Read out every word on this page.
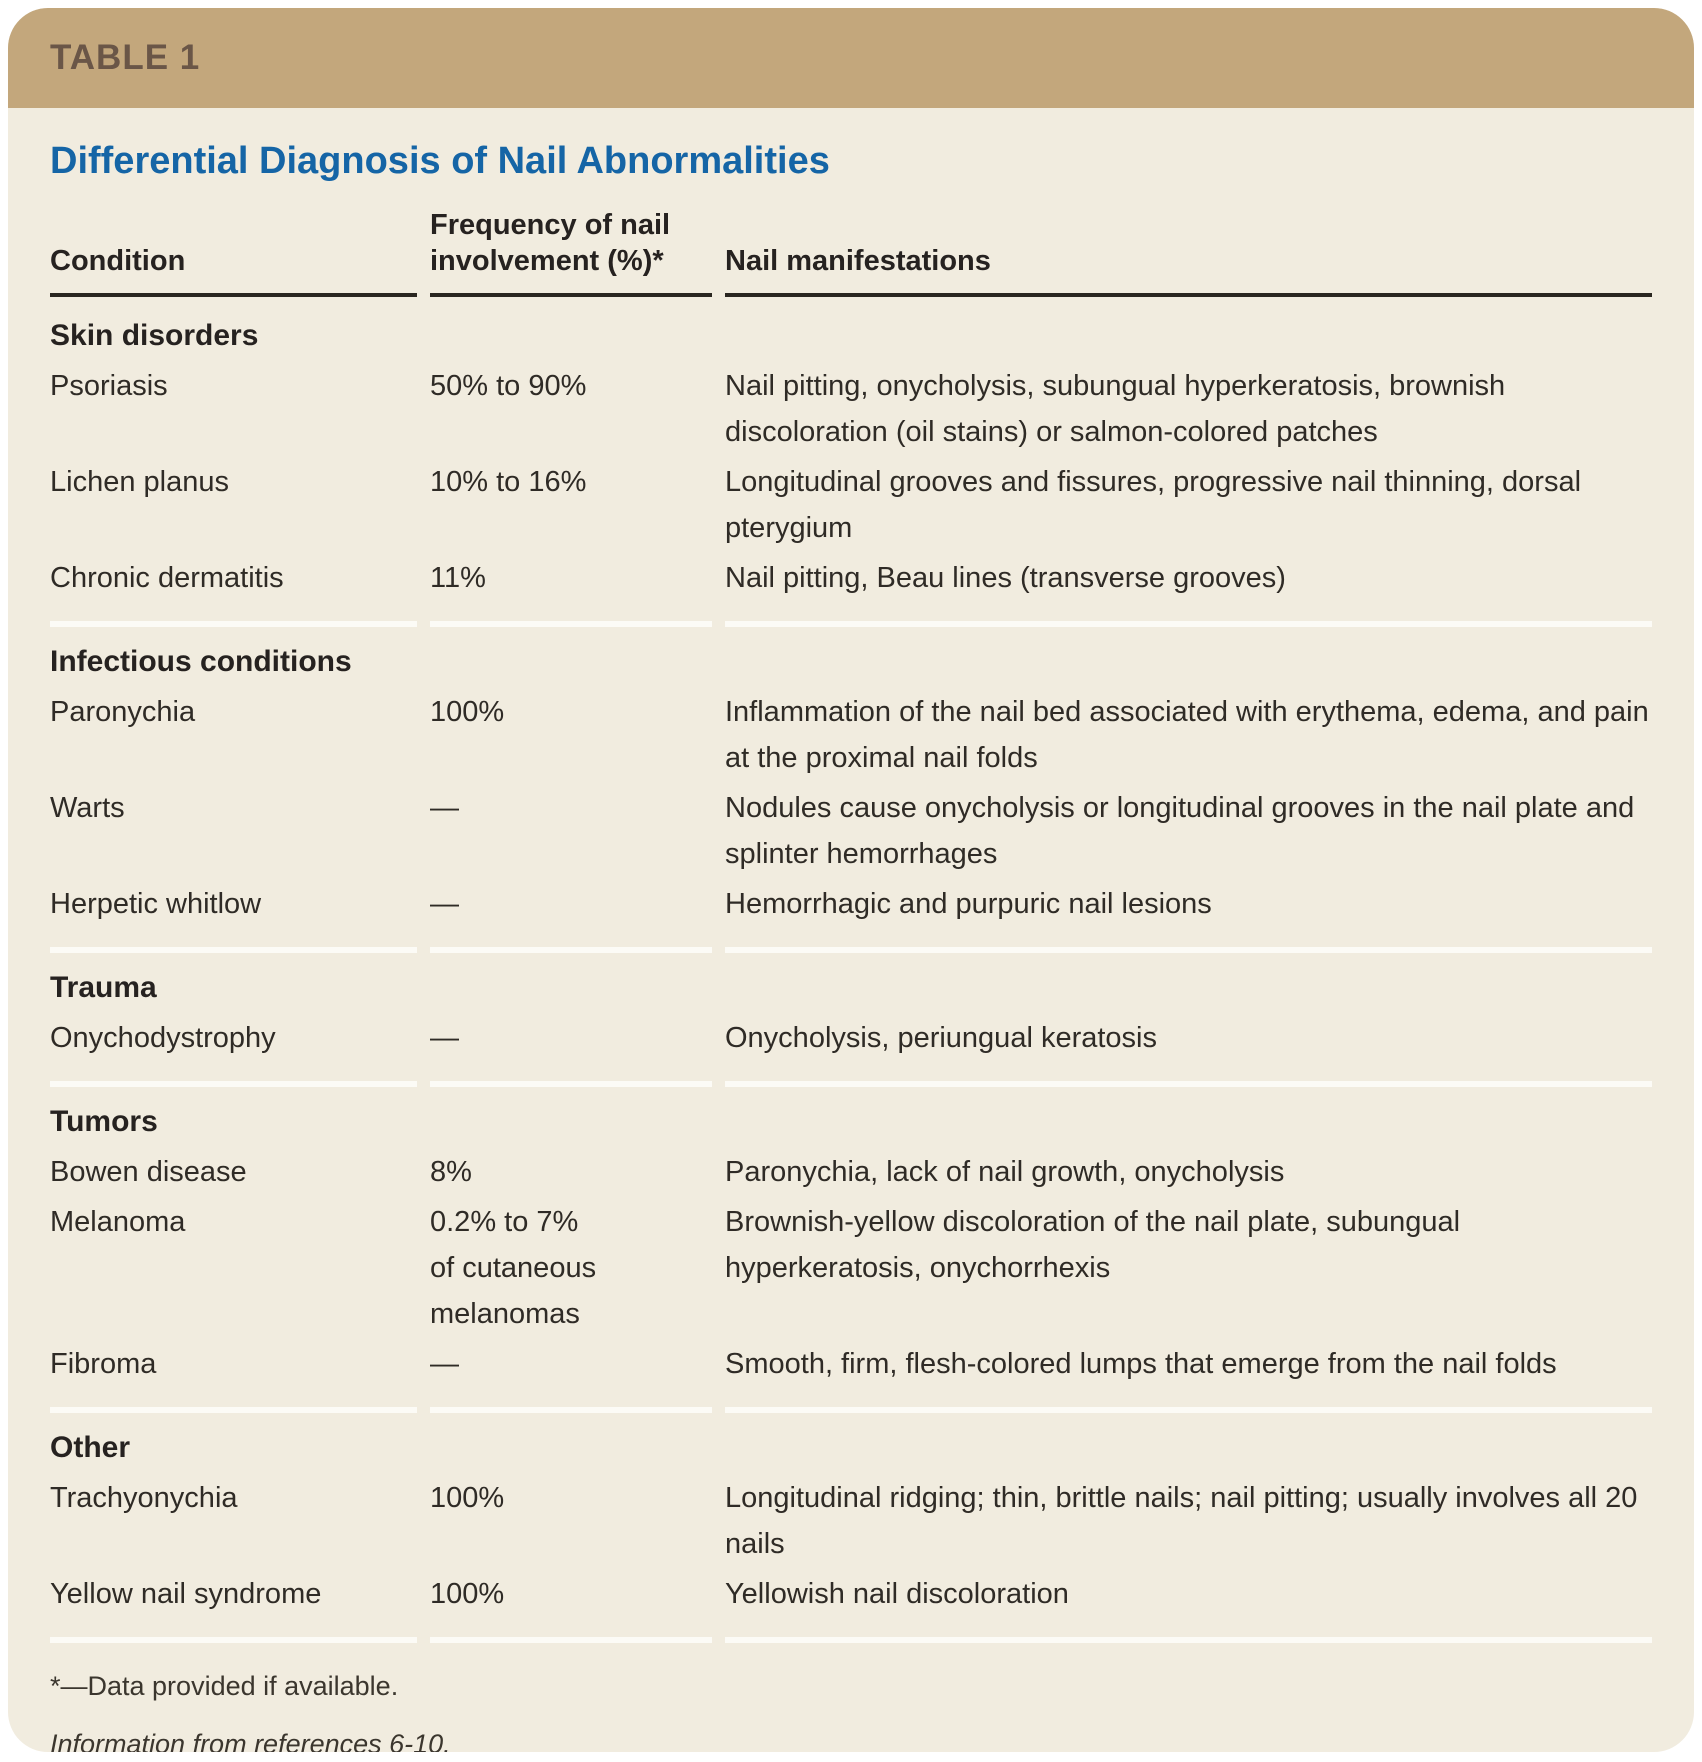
TABLE 1
Differential Diagnosis of Nail Abnormalities
Condition	Frequency of nail involvement (%)*	Nail manifestations
Skin disorders		
Psoriasis	50% to 90%	Nail pitting, onycholysis, subungual hyperkeratosis, brownish discoloration (oil stains) or salmon-colored patches
Lichen planus	10% to 16%	Longitudinal grooves and fissures, progressive nail thinning, dorsal pterygium
Chronic dermatitis	11%	Nail pitting, Beau lines (transverse grooves)
Infectious conditions		
Paronychia	100%	Inflammation of the nail bed associated with erythema, edema, and pain at the proximal nail folds
Warts	—	Nodules cause onycholysis or longitudinal grooves in the nail plate and splinter hemorrhages
Herpetic whitlow	—	Hemorrhagic and purpuric nail lesions
Trauma		
Onychodystrophy	—	Onycholysis, periungual keratosis
Tumors		
Bowen disease	8%	Paronychia, lack of nail growth, onycholysis
Melanoma	0.2% to 7% of cutaneous melanomas	Brownish-yellow discoloration of the nail plate, subungual hyperkeratosis, onychorrhexis
Fibroma	—	Smooth, firm, flesh-colored lumps that emerge from the nail folds
Other		
Trachyonychia	100%	Longitudinal ridging; thin, brittle nails; nail pitting; usually involves all 20 nails
Yellow nail syndrome	100%	Yellowish nail discoloration

*—Data provided if available.

Information from references 6-10.
